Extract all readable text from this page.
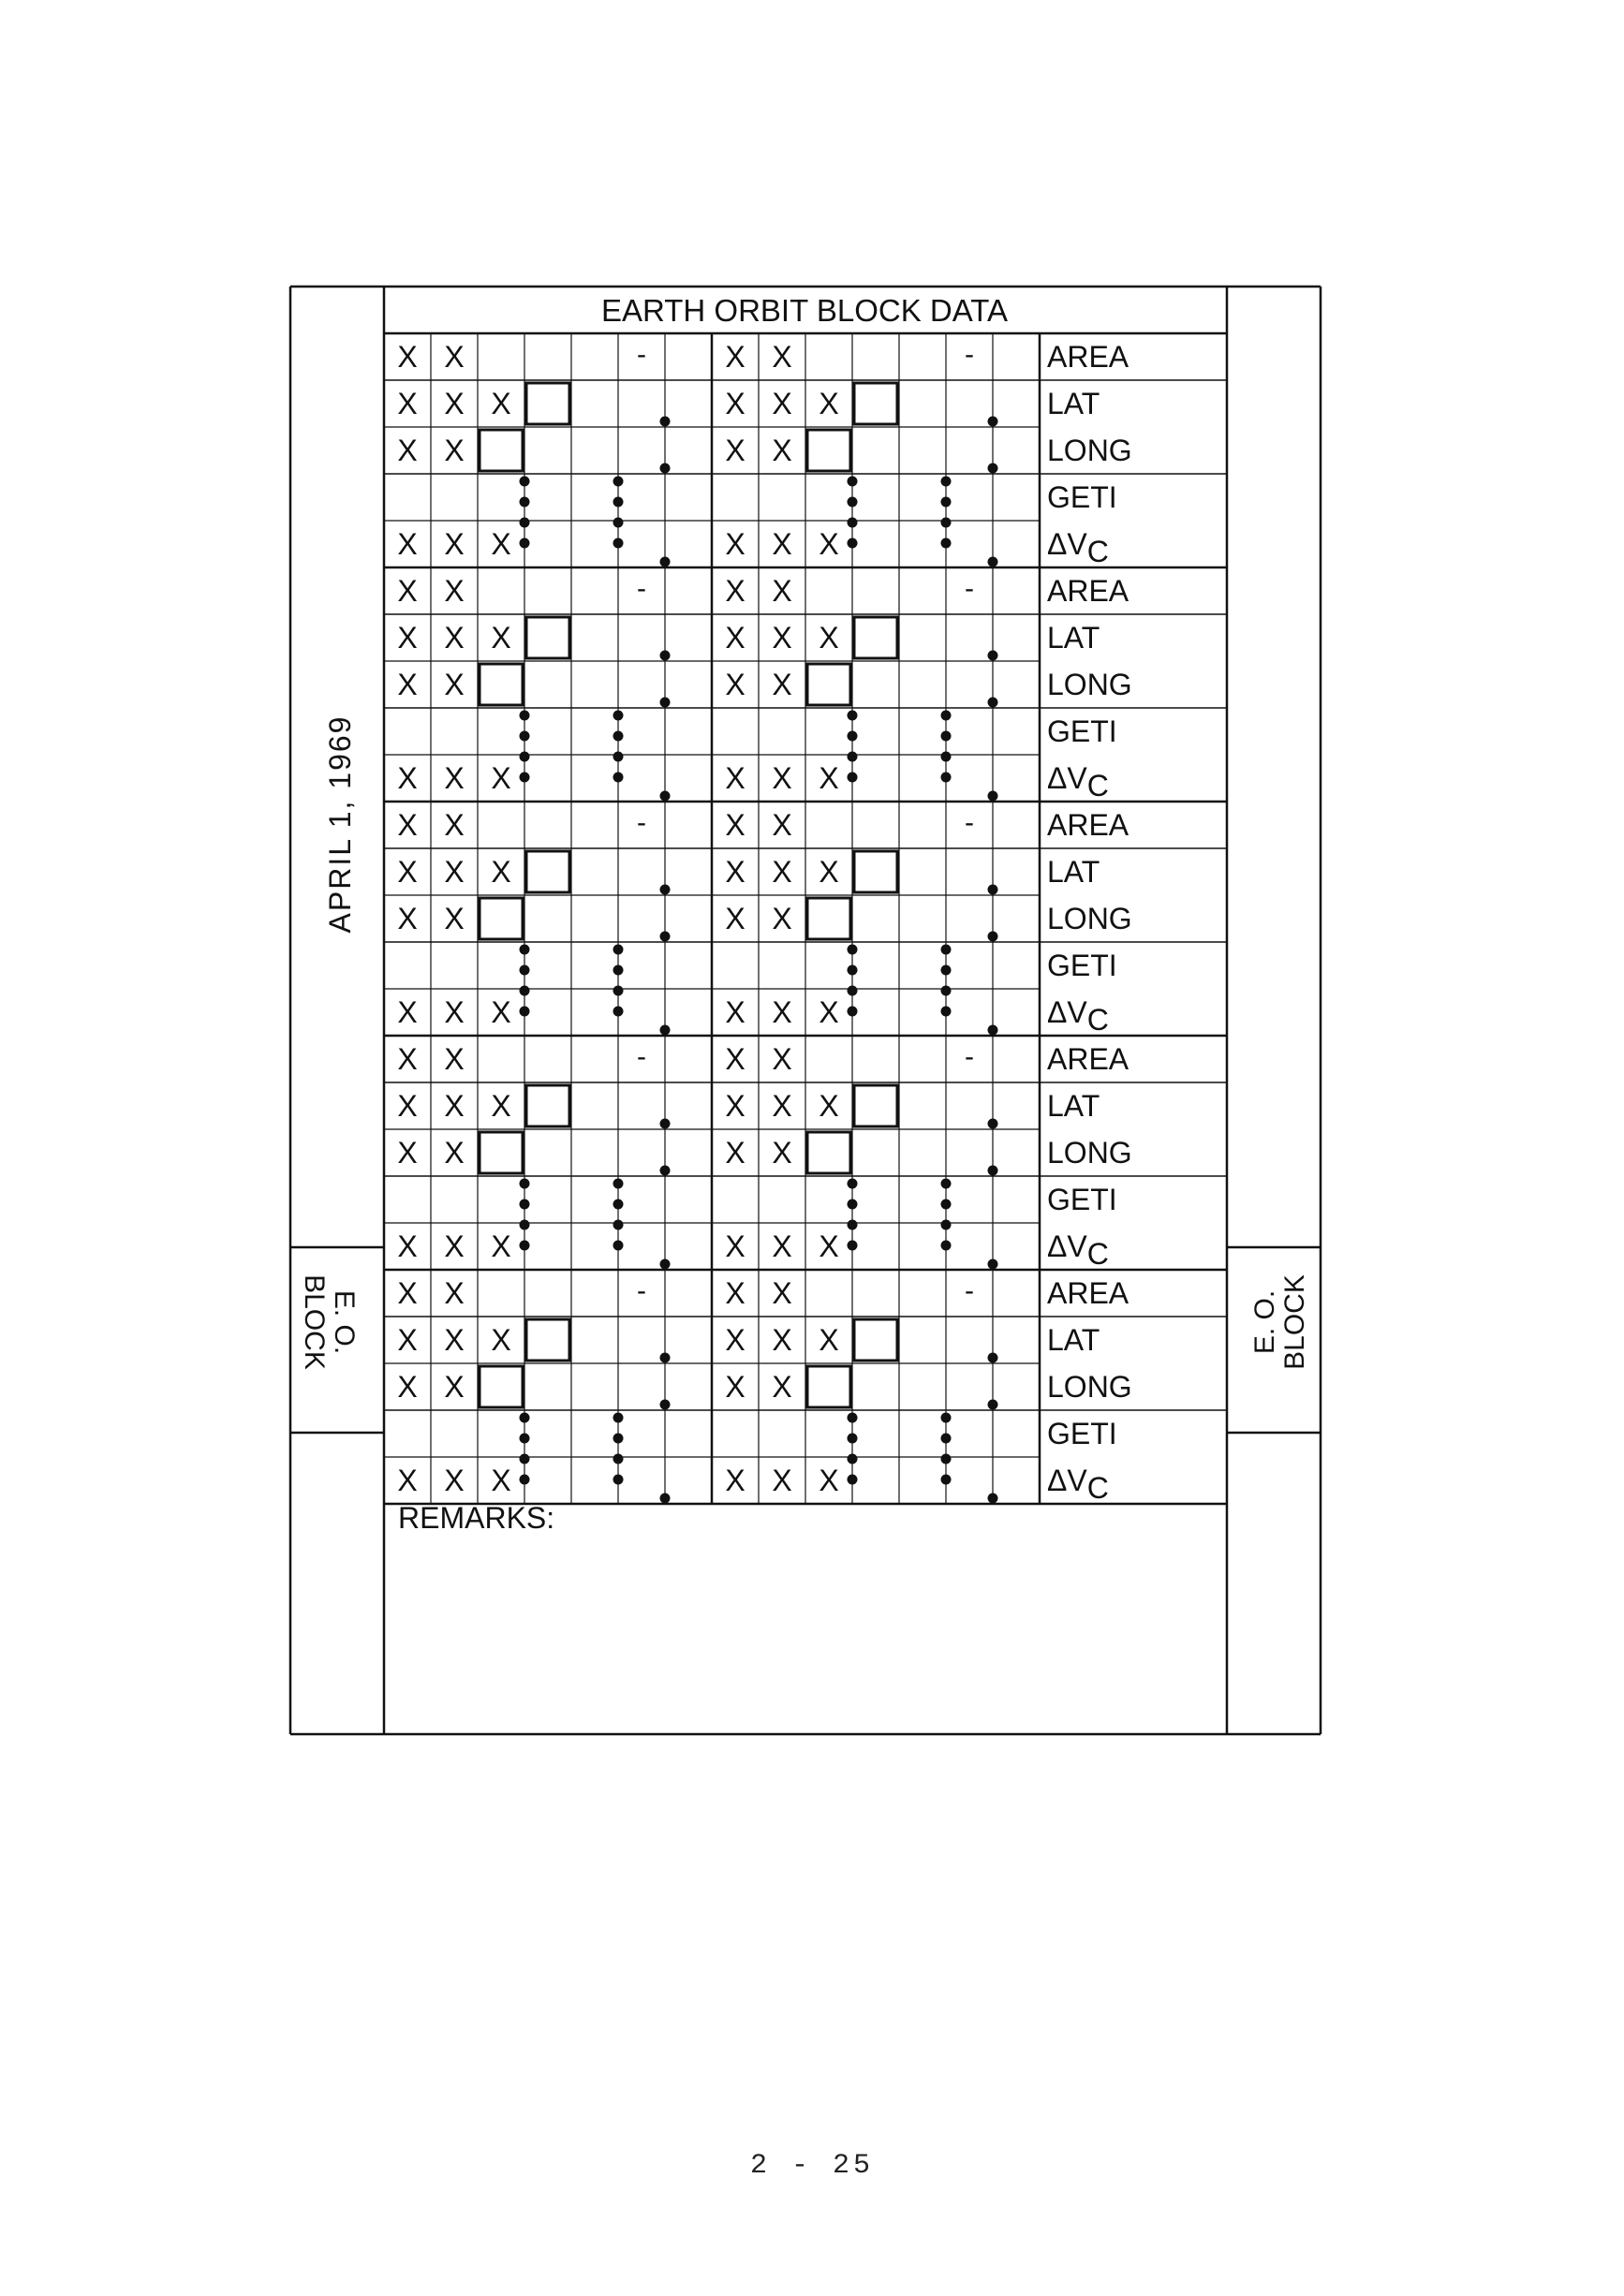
AREA
LAT
LONG
GETI
ΔVC
AREA
LAT
LONG
GETI
ΔVC
AREA
LAT
LONG
GETI
ΔVC
AREA
LAT
LONG
GETI
ΔVC
AREA
LAT
LONG
GETI
ΔVC
EARTH ORBIT BLOCK DATA
APRIL 1, 1969
E. O.
BLOCK	E. O. BLOCK
2 - 25
